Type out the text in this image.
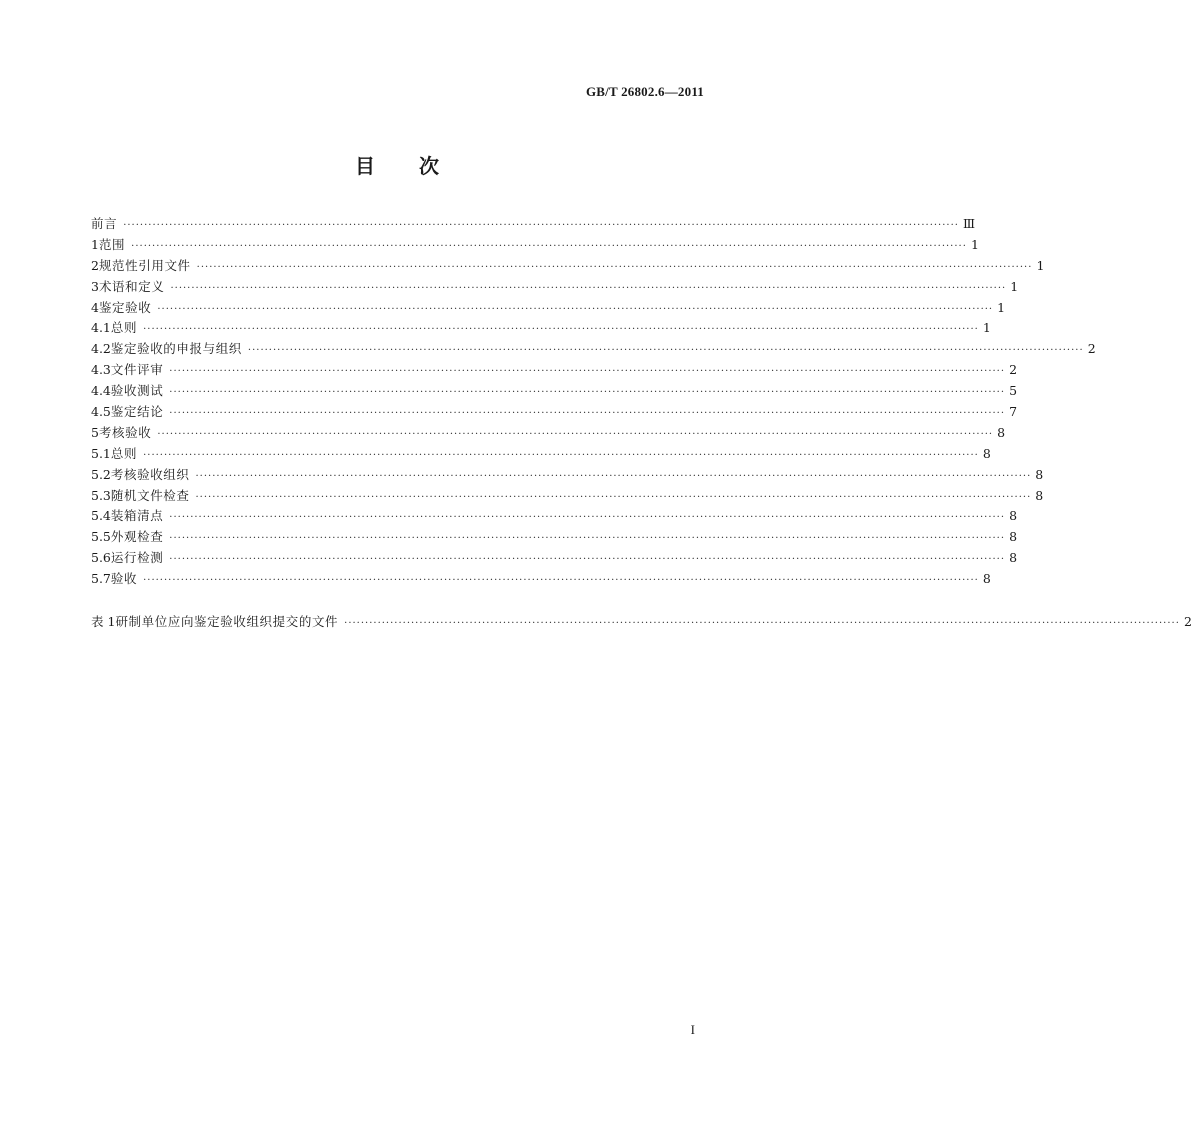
GB/T 26802.6—2011
目 次
前言 ········································································································································································································ Ⅲ
1 范围 ········································································································································································································ 1
2 规范性引用文件 ········································································································································································································ 1
3 术语和定义 ········································································································································································································ 1
4 鉴定验收 ········································································································································································································ 1
4.1 总则 ········································································································································································································ 1
4.2 鉴定验收的申报与组织 ········································································································································································································ 2
4.3 文件评审 ········································································································································································································ 2
4.4 验收测试 ········································································································································································································ 5
4.5 鉴定结论 ········································································································································································································ 7
5 考核验收 ········································································································································································································ 8
5.1 总则 ········································································································································································································ 8
5.2 考核验收组织 ········································································································································································································ 8
5.3 随机文件检查 ········································································································································································································ 8
5.4 装箱清点 ········································································································································································································ 8
5.5 外观检查 ········································································································································································································ 8
5.6 运行检测 ········································································································································································································ 8
5.7 验收 ········································································································································································································ 8
表 1 研制单位应向鉴定验收组织提交的文件 ········································································································································································································ 2
I
